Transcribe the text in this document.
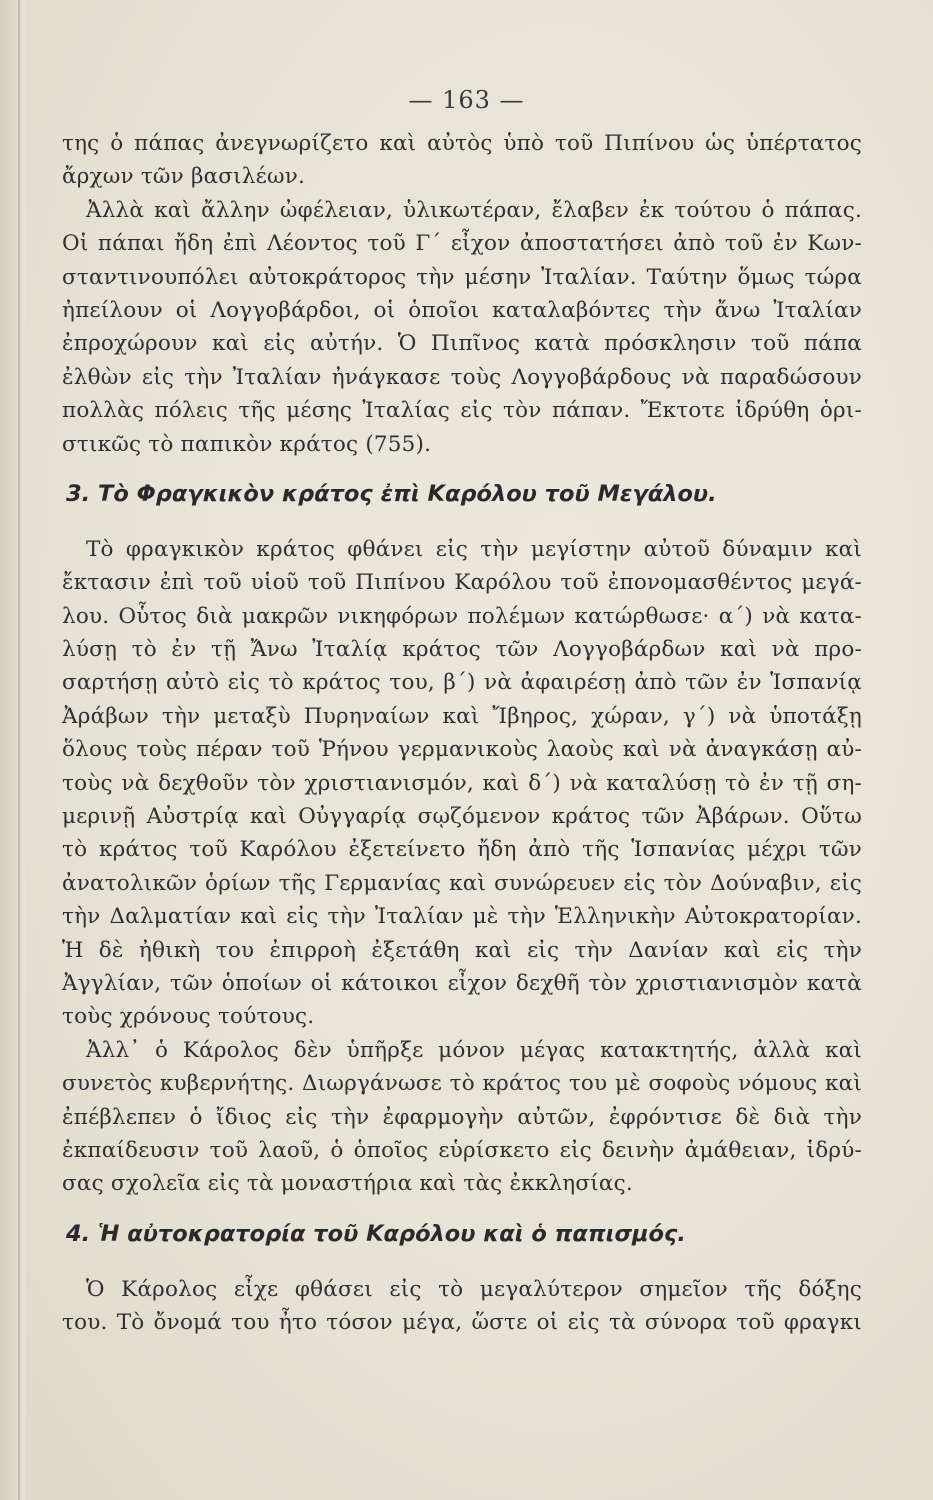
— 163 —
της ὁ πάπας ἀνεγνωρίζετο καὶ αὐτὸς ὑπὸ τοῦ Πιπίνου ὡς ὑπέρτατος
ἄρχων τῶν βασιλέων.
Ἀλλὰ καὶ ἄλλην ὠφέλειαν, ὑλικωτέραν, ἔλαβεν ἐκ τούτου ὁ πάπας.
Οἱ πάπαι ἤδη ἐπὶ Λέοντος τοῦ Γ΄ εἶχον ἀποστατήσει ἀπὸ τοῦ ἐν Κων-
σταντινουπόλει αὐτοκράτορος τὴν μέσην Ἰταλίαν. Ταύτην ὅμως τώρα
ἠπείλουν οἱ Λογγοβάρδοι, οἱ ὁποῖοι καταλαβόντες τὴν ἄνω Ἰταλίαν
ἐπροχώρουν καὶ εἰς αὐτήν. Ὁ Πιπῖνος κατὰ πρόσκλησιν τοῦ πάπα
ἐλθὼν εἰς τὴν Ἰταλίαν ἠνάγκασε τοὺς Λογγοβάρδους νὰ παραδώσουν
πολλὰς πόλεις τῆς μέσης Ἰταλίας εἰς τὸν πάπαν. Ἔκτοτε ἱδρύθη ὁρι-
στικῶς τὸ παπικὸν κράτος (755).
3. Τὸ Φραγκικὸν κράτος ἐπὶ Καρόλου τοῦ Μεγάλου.
Τὸ φραγκικὸν κράτος φθάνει εἰς τὴν μεγίστην αὐτοῦ δύναμιν καὶ
ἔκτασιν ἐπὶ τοῦ υἱοῦ τοῦ Πιπίνου Καρόλου τοῦ ἐπονομασθέντος μεγά-
λου. Οὗτος διὰ μακρῶν νικηφόρων πολέμων κατώρθωσε· α΄) νὰ κατα-
λύσῃ τὸ ἐν τῇ Ἄνω Ἰταλίᾳ κράτος τῶν Λογγοβάρδων καὶ νὰ προ-
σαρτήσῃ αὐτὸ εἰς τὸ κράτος του, β΄) νὰ ἀφαιρέσῃ ἀπὸ τῶν ἐν Ἱσπανίᾳ
Ἀράβων τὴν μεταξὺ Πυρηναίων καὶ Ἴβηρος, χώραν, γ΄) νὰ ὑποτάξῃ
ὅλους τοὺς πέραν τοῦ Ῥήνου γερμανικοὺς λαοὺς καὶ νὰ ἀναγκάσῃ αὐ-
τοὺς νὰ δεχθοῦν τὸν χριστιανισμόν, καὶ δ΄) νὰ καταλύσῃ τὸ ἐν τῇ ση-
μερινῇ Αὐστρίᾳ καὶ Οὐγγαρίᾳ σῳζόμενον κράτος τῶν Ἀβάρων. Οὕτω
τὸ κράτος τοῦ Καρόλου ἐξετείνετο ἤδη ἀπὸ τῆς Ἱσπανίας μέχρι τῶν
ἀνατολικῶν ὁρίων τῆς Γερμανίας καὶ συνώρευεν εἰς τὸν Δούναβιν, εἰς
τὴν Δαλματίαν καὶ εἰς τὴν Ἰταλίαν μὲ τὴν Ἑλληνικὴν Αὐτοκρατορίαν.
Ἡ δὲ ἠθικὴ του ἐπιρροὴ ἐξετάθη καὶ εἰς τὴν Δανίαν καὶ εἰς τὴν
Ἀγγλίαν, τῶν ὁποίων οἱ κάτοικοι εἶχον δεχθῆ τὸν χριστιανισμὸν κατὰ
τοὺς χρόνους τούτους.
Ἀλλ᾽ ὁ Κάρολος δὲν ὑπῆρξε μόνον μέγας κατακτητής, ἀλλὰ καὶ
συνετὸς κυβερνήτης. Διωργάνωσε τὸ κράτος του μὲ σοφοὺς νόμους καὶ
ἐπέβλεπεν ὁ ἴδιος εἰς τὴν ἐφαρμογὴν αὐτῶν, ἐφρόντισε δὲ διὰ τὴν
ἐκπαίδευσιν τοῦ λαοῦ, ὁ ὁποῖος εὑρίσκετο εἰς δεινὴν ἀμάθειαν, ἱδρύ-
σας σχολεῖα εἰς τὰ μοναστήρια καὶ τὰς ἐκκλησίας.
4. Ἡ αὐτοκρατορία τοῦ Καρόλου καὶ ὁ παπισμός.
Ὁ Κάρολος εἶχε φθάσει εἰς τὸ μεγαλύτερον σημεῖον τῆς δόξης
του. Τὸ ὄνομά του ἦτο τόσον μέγα, ὥστε οἱ εἰς τὰ σύνορα τοῦ φραγκι
